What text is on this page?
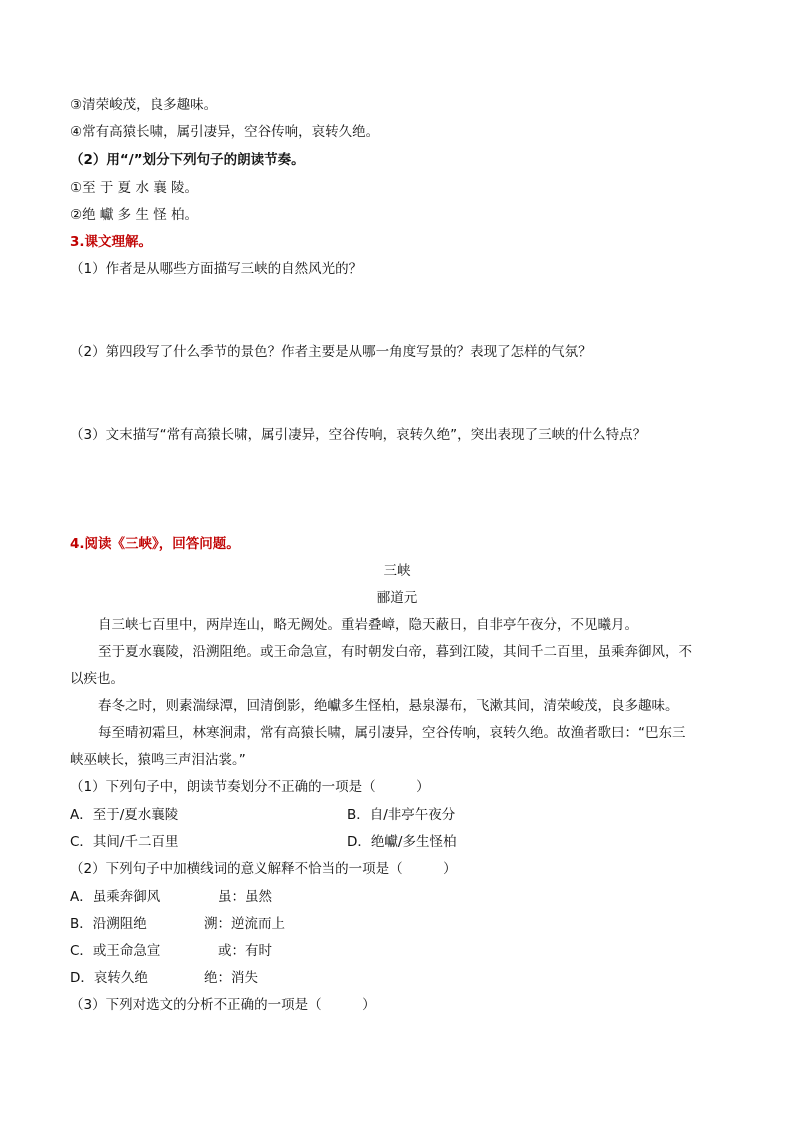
③清荣峻茂，良多趣味。
④常有高猿长啸，属引凄异，空谷传响，哀转久绝。
（2）用“/”划分下列句子的朗读节奏。
①至 于 夏 水 襄 陵。
②绝 巘 多 生 怪 柏。
3.课文理解。
（1）作者是从哪些方面描写三峡的自然风光的？
（2）第四段写了什么季节的景色？作者主要是从哪一角度写景的？表现了怎样的气氛？
（3）文末描写“常有高猿长啸，属引凄异，空谷传响，哀转久绝”，突出表现了三峡的什么特点？
4.阅读《三峡》，回答问题。
三峡
郦道元
自三峡七百里中，两岸连山，略无阙处。重岩叠嶂，隐天蔽日，自非亭午夜分，不见曦月。
至于夏水襄陵，沿溯阻绝。或王命急宣，有时朝发白帝，暮到江陵，其间千二百里，虽乘奔御风，不
以疾也。
春冬之时，则素湍绿潭，回清倒影，绝巘多生怪柏，悬泉瀑布，飞漱其间，清荣峻茂，良多趣味。
每至晴初霜旦，林寒涧肃，常有高猿长啸，属引凄异，空谷传响，哀转久绝。故渔者歌曰：“巴东三
峡巫峡长，猿鸣三声泪沾裳。”
（1）下列句子中，朗读节奏划分不正确的一项是（　　　）
A．至于/夏水襄陵	B．自/非亭午夜分
C．其间/千二百里	D．绝巘/多生怪柏
（2）下列句子中加横线词的意义解释不恰当的一项是（　　　）
A．虽乘奔御风	虽：虽然
B．沿溯阻绝	溯：逆流而上
C．或王命急宣	或：有时
D．哀转久绝	绝：消失
（3）下列对选文的分析不正确的一项是（　　　）
